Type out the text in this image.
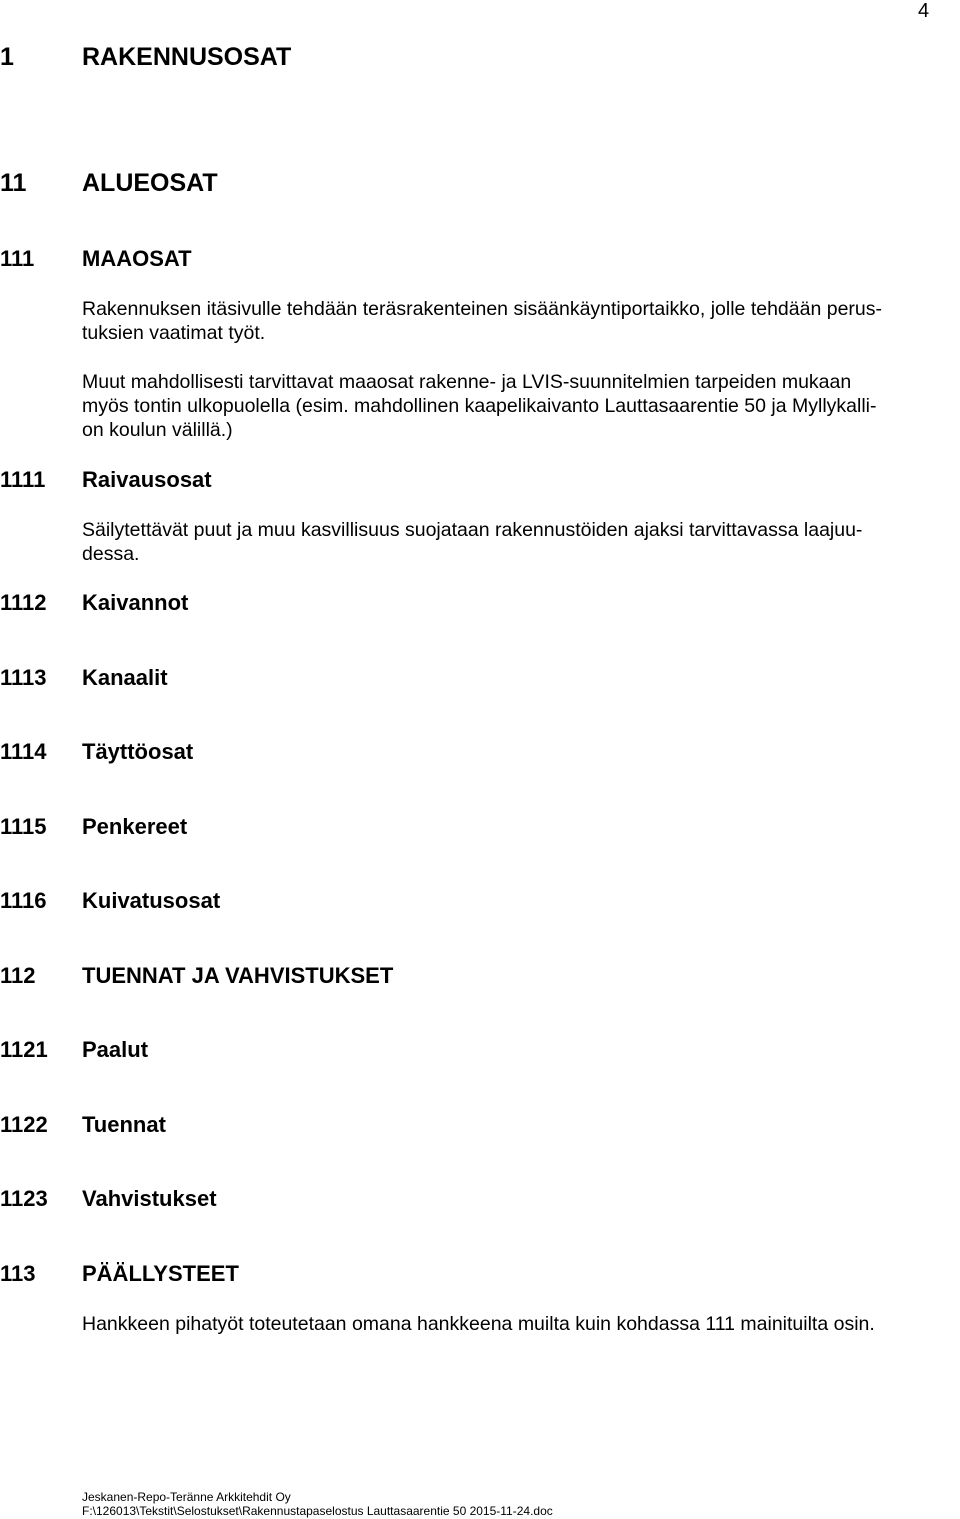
4
1	RAKENNUSOSAT
11 ALUEOSAT
111 MAAOSAT
Rakennuksen itäsivulle tehdään teräsrakenteinen sisäänkäyntiportaikko, jolle tehdään perus-
tuksien vaatimat työt.
Muut mahdollisesti tarvittavat maaosat rakenne- ja LVIS-suunnitelmien tarpeiden mukaan
myös tontin ulkopuolella (esim. mahdollinen kaapelikaivanto Lauttasaarentie 50 ja Myllykalli-
on koulun välillä.)
1111 Raivausosat
Säilytettävät puut ja muu kasvillisuus suojataan rakennustöiden ajaksi tarvittavassa laajuu-
dessa.
1112 Kaivannot
1113 Kanaalit
1114 Täyttöosat
1115 Penkereet
1116 Kuivatusosat
112 TUENNAT JA VAHVISTUKSET
1121 Paalut
1122 Tuennat
1123 Vahvistukset
113 PÄÄLLYSTEET
Hankkeen pihatyöt toteutetaan omana hankkeena muilta kuin kohdassa 111 mainituilta osin.
Jeskanen-Repo-Teränne Arkkitehdit Oy
F:\126013\Tekstit\Selostukset\Rakennustapaselostus Lauttasaarentie 50 2015-11-24.doc
